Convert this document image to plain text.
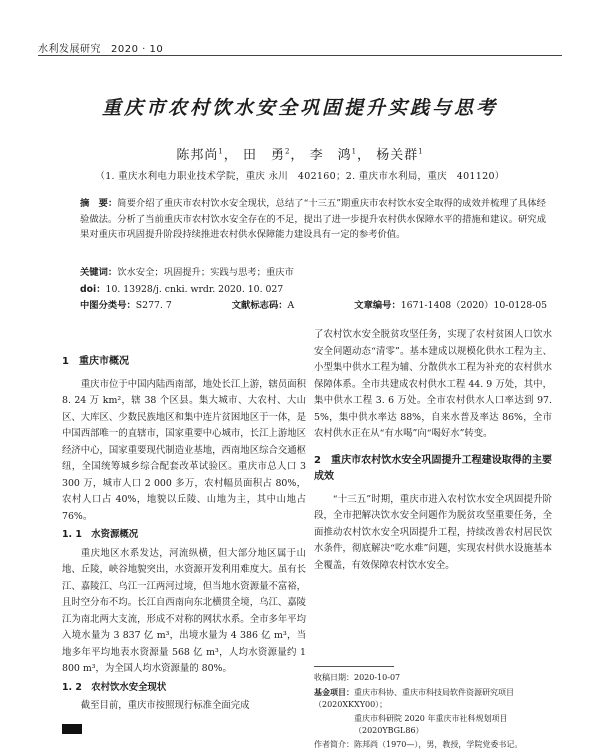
水利发展研究 2020 · 10
重庆市农村饮水安全巩固提升实践与思考
陈邦尚$^1$， 田　勇$^2$， 李　鸿$^1$， 杨关群$^1$
（1. 重庆水利电力职业技术学院，重庆 永川　402160；2. 重庆市水利局，重庆　401120）
摘　要：简要介绍了重庆市农村饮水安全现状，总结了“十三五”期重庆市农村饮水安全取得的成效并梳理了具体经验做法。分析了当前重庆市农村饮水安全存在的不足，提出了进一步提升农村供水保障水平的措施和建议。研究成果对重庆市巩固提升阶段持续推进农村供水保障能力建设具有一定的参考价值。
关键词：饮水安全；巩固提升；实践与思考；重庆市
doi：10. 13928/j. cnki. wrdr. 2020. 10. 027
中图分类号：S277. 7	文献标志码：A	文章编号：1671-1408（2020）10-0128-05
1　重庆市概况

重庆市位于中国内陆西南部，地处长江上游，辖员面积 8. 24 万 km²，辖 38 个区县。集大城市、大农村、大山区、大库区、少数民族地区和集中连片贫困地区于一体，是中国西部唯一的直辖市，国家重要中心城市，长江上游地区经济中心，国家重要现代制造业基地，西南地区综合交通枢纽，全国统筹城乡综合配套改革试验区。重庆市总人口 3 300 万，城市人口 2 000 多万，农村幅员面积占 80%，农村人口占 40%，地貌以丘陵、山地为主，其中山地占 76%。

1. 1　水资源概况

重庆地区水系发达，河流纵横，但大部分地区属于山地、丘陵，峡谷地貌突出，水资源开发利用难度大。虽有长江、嘉陵江、乌江一江两河过境，但当地水资源量不富裕，且时空分布不均。长江自西南向东北横贯全境，乌江、嘉陵江为南北两大支流，形成不对称的网状水系。全市多年平均入境水量为 3 837 亿 m³，出境水量为 4 386 亿 m³，当地多年平均地表水资源量 568 亿 m³，人均水资源量约 1 800 m³，为全国人均水资源量的 80%。

1. 2　农村饮水安全现状

截至目前，重庆市按照现行标准全面完成

了农村饮水安全脱贫攻坚任务，实现了农村贫困人口饮水安全问题动态“清零”。基本建成以规模化供水工程为主、小型集中供水工程为辅、分散供水工程为补充的农村供水保障体系。全市共建成农村供水工程 44. 9 万处，其中，集中供水工程 3. 6 万处。全市农村供水人口率达到 97. 5%，集中供水率达 88%，自来水普及率达 86%，全市农村供水正在从“有水喝”向“喝好水”转变。

2　重庆市农村饮水安全巩固提升工程建设取得的主要成效

“十三五”时期，重庆市进入农村饮水安全巩固提升阶段，全市把解决饮水安全问题作为脱贫攻坚重要任务，全面推动农村饮水安全巩固提升工程，持续改善农村居民饮水条件，彻底解决“吃水难”问题，实现农村供水设施基本全覆盖，有效保障农村饮水安全。

收稿日期：2020-10-07
基金项目：重庆市科协、重庆市科技局软件资源研究项目（2020XKXY00）；
重庆市科研院 2020 年重庆市社科规划项目（2020YBGL86）
作者简介：陈邦尚（1970—），男，教授，学院党委书记。
